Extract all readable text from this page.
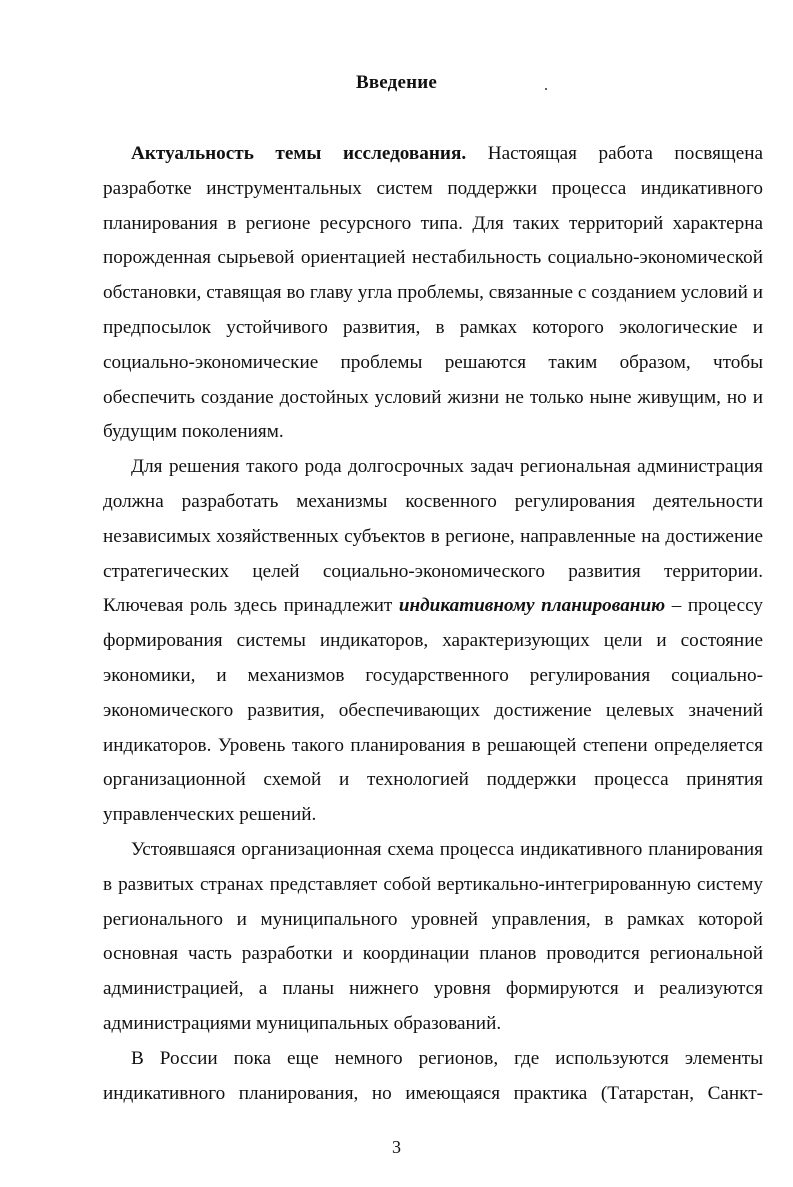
Введение

Актуальность темы исследования. Настоящая работа посвящена разработке инструментальных систем поддержки процесса индикативного планирования в регионе ресурсного типа. Для таких территорий характерна порожденная сырьевой ориентацией нестабильность социально-экономической обстановки, ставящая во главу угла проблемы, связанные с созданием условий и предпосылок устойчивого развития, в рамках которого экологические и социально-экономические проблемы решаются таким образом, чтобы обеспечить создание достойных условий жизни не только ныне живущим, но и будущим поколениям.

Для решения такого рода долгосрочных задач региональная администрация должна разработать механизмы косвенного регулирования деятельности независимых хозяйственных субъектов в регионе, направленные на достижение стратегических целей социально-экономического развития территории. Ключевая роль здесь принадлежит индикативному планированию – процессу формирования системы индикаторов, характеризующих цели и состояние экономики, и механизмов государственного регулирования социально-экономического развития, обеспечивающих достижение целевых значений индикаторов. Уровень такого планирования в решающей степени определяется организационной схемой и технологией поддержки процесса принятия управленческих решений.

Устоявшаяся организационная схема процесса индикативного планирования в развитых странах представляет собой вертикально-интегрированную систему регионального и муниципального уровней управления, в рамках которой основная часть разработки и координации планов проводится региональной администрацией, а планы нижнего уровня формируются и реализуются администрациями муниципальных образований.

В России пока еще немного регионов, где используются элементы индикативного планирования, но имеющаяся практика (Татарстан, Санкт-

3
